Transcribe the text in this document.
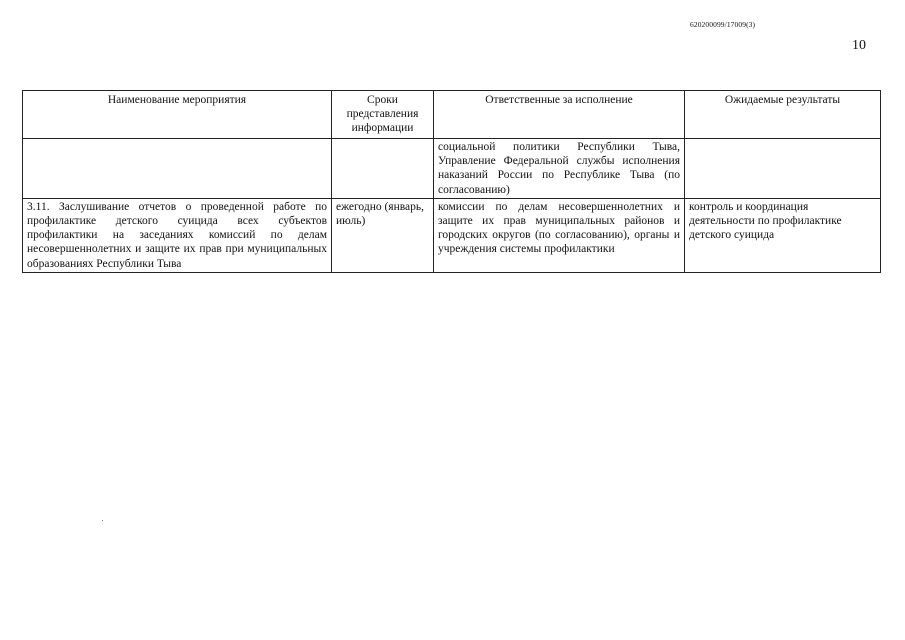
620200099/17009(3)
10
Наименование мероприятия	Сроки представления информации	Ответственные за исполнение	Ожидаемые результаты
		социальной политики Республики Тыва, Управление Федеральной службы исполнения наказаний России по Республике Тыва (по согласованию)	
3.11. Заслушивание отчетов о проведенной работе по профилактике детского суицида всех субъектов профилактики на заседаниях комиссий по делам несовершеннолетних и защите их прав при муниципальных образованиях Республики Тыва	ежегодно (январь, июль)	комиссии по делам несовершеннолетних и защите их прав муниципальных районов и городских округов (по согласованию), органы и учреждения системы профилактики	контроль и координация деятельности по профилактике детского суицида
